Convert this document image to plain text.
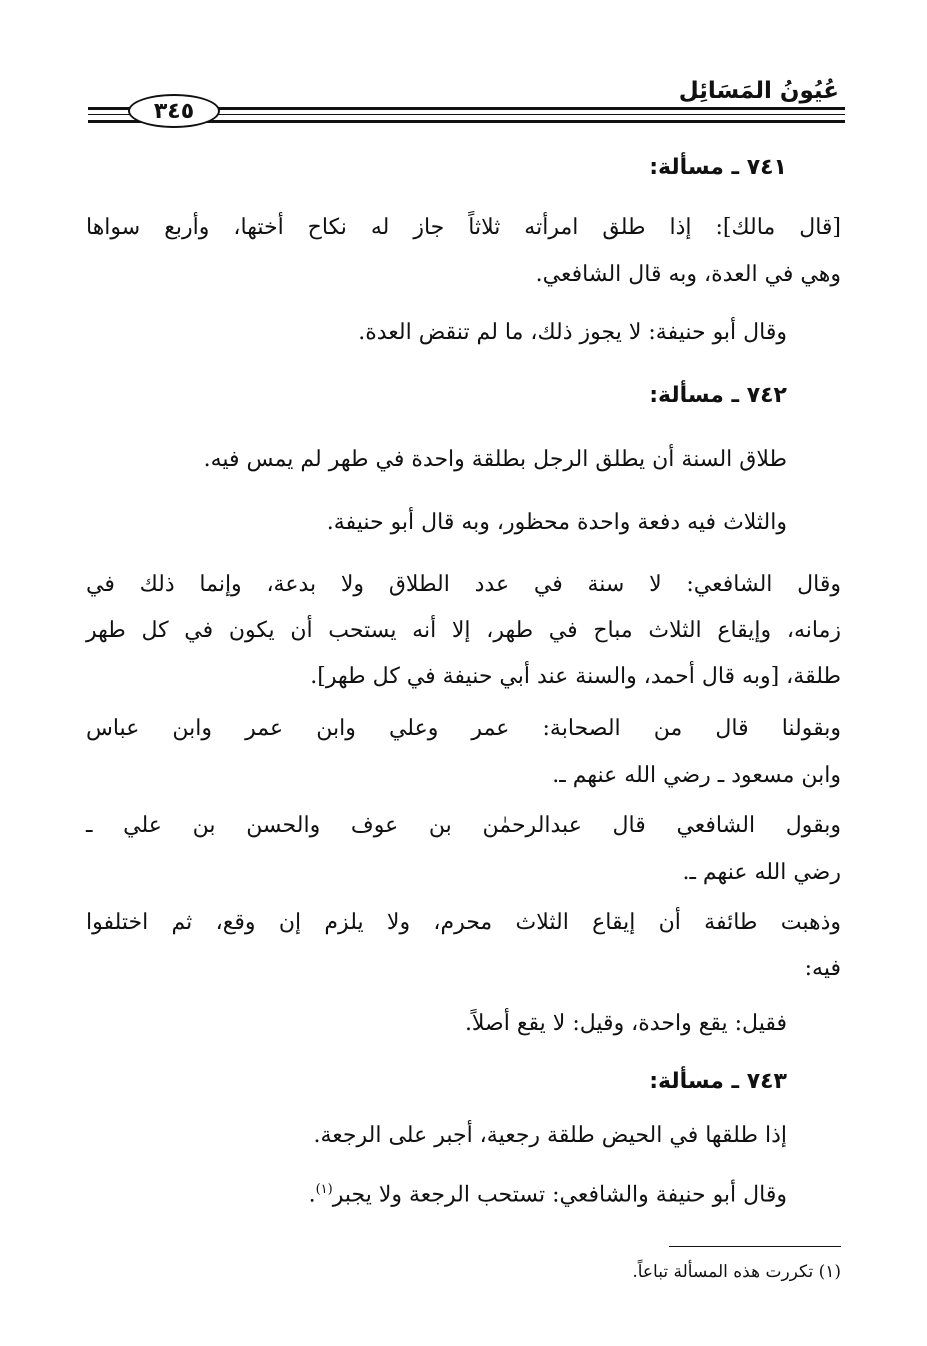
عُيُونُ المَسَائِل
٣٤٥
٧٤١ ـ مسألة:
[قال مالك]: إذا طلق امرأته ثلاثاً جاز له نكاح أختها، وأربع سواها
وهي في العدة، وبه قال الشافعي.
وقال أبو حنيفة: لا يجوز ذلك، ما لم تنقض العدة.
٧٤٢ ـ مسألة:
طلاق السنة أن يطلق الرجل بطلقة واحدة في طهر لم يمس فيه.
والثلاث فيه دفعة واحدة محظور، وبه قال أبو حنيفة.
وقال الشافعي: لا سنة في عدد الطلاق ولا بدعة، وإنما ذلك في
زمانه، وإيقاع الثلاث مباح في طهر، إلا أنه يستحب أن يكون في كل طهر
طلقة، [وبه قال أحمد، والسنة عند أبي حنيفة في كل طهر].
وبقولنا قال من الصحابة: عمر وعلي وابن عمر وابن عباس
وابن مسعود ـ رضي الله عنهم ـ.
وبقول الشافعي قال عبدالرحمٰن بن عوف والحسن بن علي ـ
رضي الله عنهم ـ.
وذهبت طائفة أن إيقاع الثلاث محرم، ولا يلزم إن وقع، ثم اختلفوا
فيه:
فقيل: يقع واحدة، وقيل: لا يقع أصلاً.
٧٤٣ ـ مسألة:
إذا طلقها في الحيض طلقة رجعية، أجبر على الرجعة.
وقال أبو حنيفة والشافعي: تستحب الرجعة ولا يجبر$^{(١)}$.
(١) تكررت هذه المسألة تباعاً.
